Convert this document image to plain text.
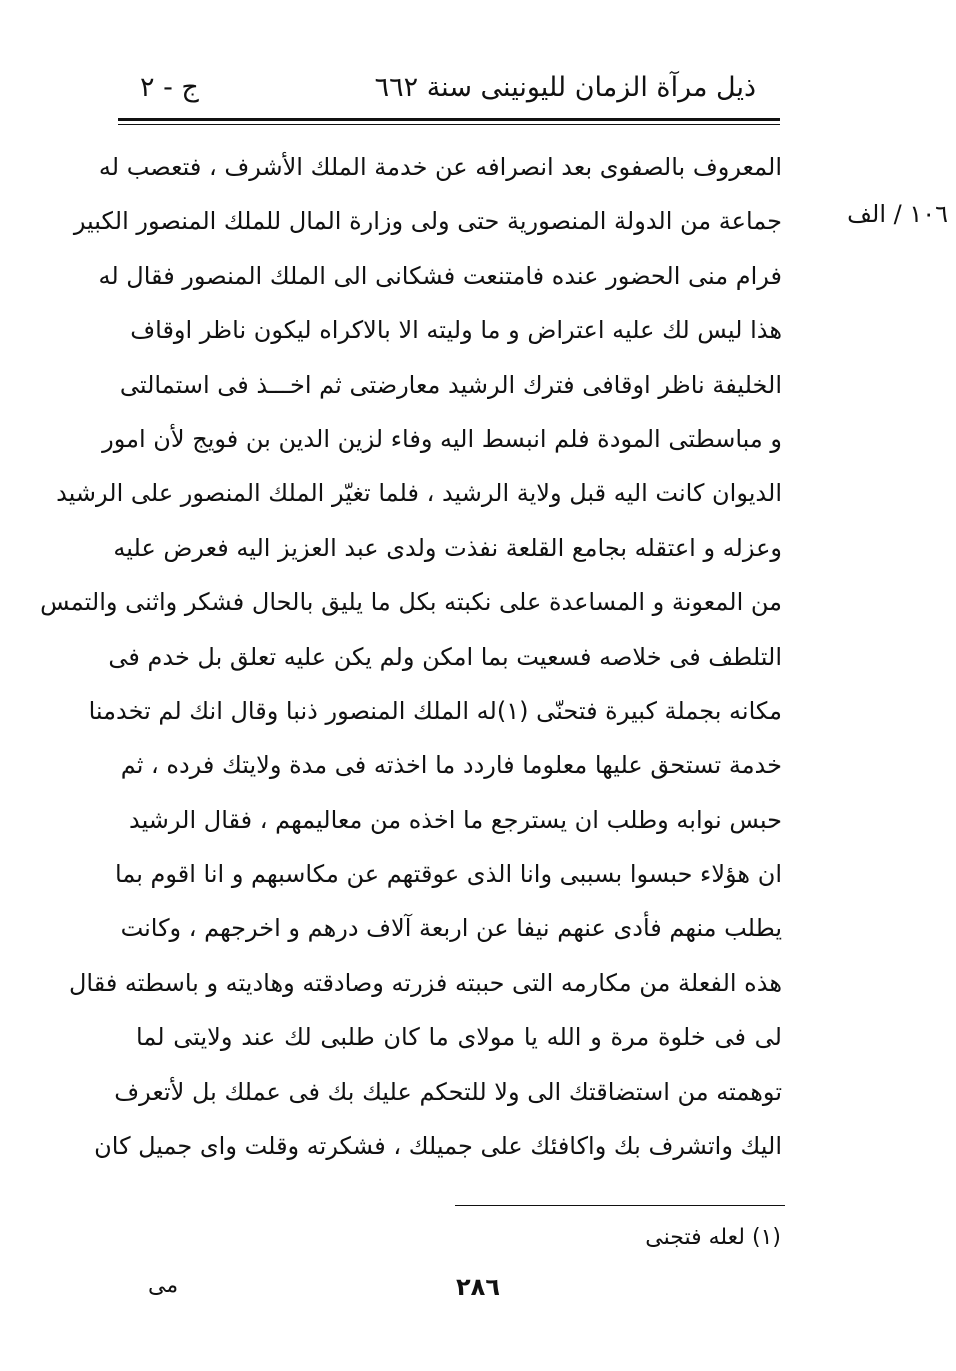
ذيل مرآة الزمان لليونينى سنة ٦٦٢
ج - ٢
١٠٦ / الف
المعروف بالصفوى بعد انصرافه عن خدمة الملك الأشرف ، فتعصب له
جماعة من الدولة المنصورية حتى ولى وزارة المال للملك المنصور الكبير
فرام منى الحضور عنده فامتنعت فشكانى الى الملك المنصور فقال له
هذا ليس لك عليه اعتراض و ما وليته الا بالاكراه ليكون ناظر اوقاف
الخليفة ناظر اوقافى فترك الرشيد معارضتى ثم اخـــذ فى استمالتى
و مباسطتى المودة فلم انبسط اليه وفاء لزين الدين بن فويج لأن امور
الديوان كانت اليه قبل ولاية الرشيد ، فلما تغيّر الملك المنصور على الرشيد
وعزله و اعتقله بجامع القلعة نفذت ولدى عبد العزيز اليه فعرض عليه
من المعونة و المساعدة على نكبته بكل ما يليق بالحال فشكر واثنى والتمس
التلطف فى خلاصه فسعيت بما امكن ولم يكن عليه تعلق بل خدم فى
مكانه بجملة كبيرة فتحنّى (١)له الملك المنصور ذنبا وقال انك لم تخدمنا
خدمة تستحق عليها معلوما فاردد ما اخذته فى مدة ولايتك فرده ، ثم
حبس نوابه وطلب ان يسترجع ما اخذه من معاليمهم ، فقال الرشيد
ان هؤلاء حبسوا بسببى وانا الذى عوقتهم عن مكاسبهم و انا اقوم بما
يطلب منهم فأدى عنهم نيفا عن اربعة آلاف درهم و اخرجهم ، وكانت
هذه الفعلة من مكارمه التى حببته فزرته وصادقته وهاديته و باسطته فقال
لى فى خلوة مرة و الله يا مولاى ما كان طلبى لك عند ولايتى لما
توهمته من استضاقتك الى ولا للتحكم عليك بك فى عملك بل لأتعرف
اليك واتشرف بك واكافئك على جميلك ، فشكرته وقلت واى جميل كان
(١) لعله فتجنى
٢٨٦
مى
